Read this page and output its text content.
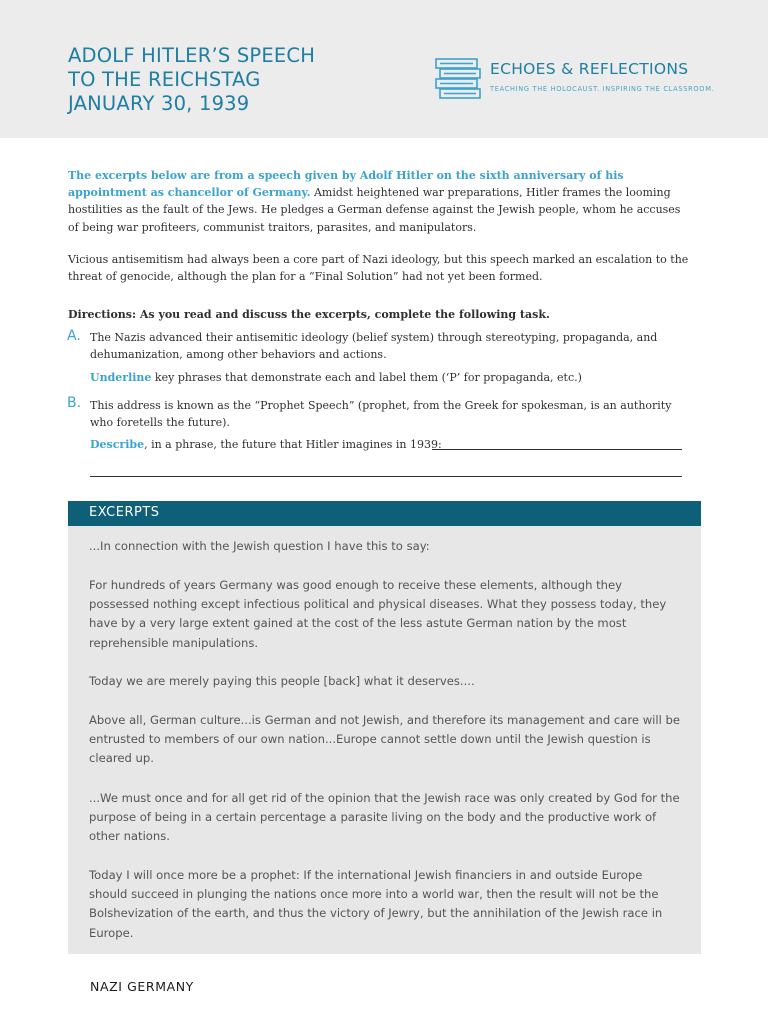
ADOLF HITLER’S SPEECH
TO THE REICHSTAG
JANUARY 30, 1939
ECHOES & REFLECTIONS
TEACHING THE HOLOCAUST. INSPIRING THE CLASSROOM.
The excerpts below are from a speech given by Adolf Hitler on the sixth anniversary of his appointment as chancellor of Germany. Amidst heightened war preparations, Hitler frames the looming hostilities as the fault of the Jews. He pledges a German defense against the Jewish people, whom he accuses of being war profiteers, communist traitors, parasites, and manipulators.
Vicious antisemitism had always been a core part of Nazi ideology, but this speech marked an escalation to the threat of genocide, although the plan for a “Final Solution” had not yet been formed.
Directions: As you read and discuss the excerpts, complete the following task.
A. The Nazis advanced their antisemitic ideology (belief system) through stereotyping, propaganda, and dehumanization, among other behaviors and actions.
Underline key phrases that demonstrate each and label them (‘P’ for propaganda, etc.)
B. This address is known as the “Prophet Speech” (prophet, from the Greek for spokesman, is an authority who foretells the future).
Describe, in a phrase, the future that Hitler imagines in 1939:
EXCERPTS
...In connection with the Jewish question I have this to say:
For hundreds of years Germany was good enough to receive these elements, although they possessed nothing except infectious political and physical diseases. What they possess today, they have by a very large extent gained at the cost of the less astute German nation by the most reprehensible manipulations.
Today we are merely paying this people [back] what it deserves....
Above all, German culture...is German and not Jewish, and therefore its management and care will be entrusted to members of our own nation...Europe cannot settle down until the Jewish question is cleared up.
...We must once and for all get rid of the opinion that the Jewish race was only created by God for the purpose of being in a certain percentage a parasite living on the body and the productive work of other nations.
Today I will once more be a prophet: If the international Jewish financiers in and outside Europe should succeed in plunging the nations once more into a world war, then the result will not be the Bolshevization of the earth, and thus the victory of Jewry, but the annihilation of the Jewish race in Europe.
NAZI GERMANY
